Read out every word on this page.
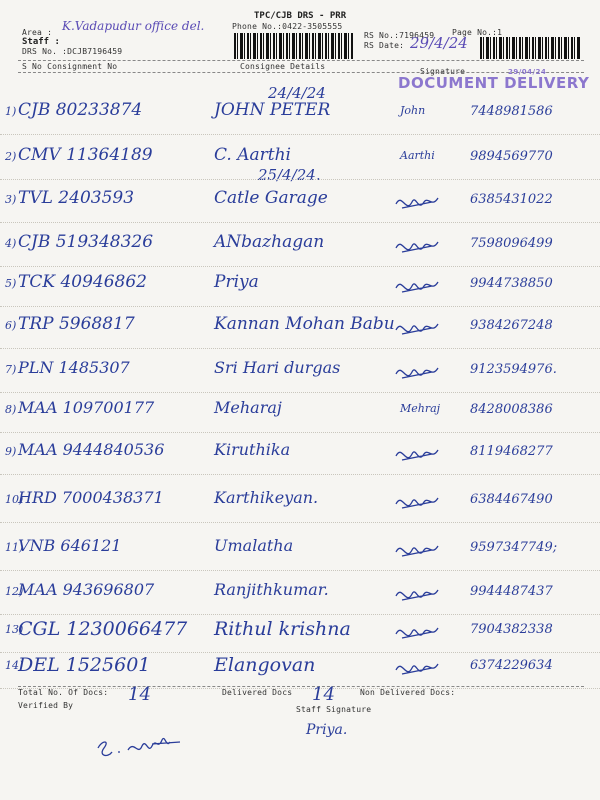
Area : K.Vadapudur office del.
Staff :
DRS No. :DCJB7196459
TPC/CJB DRS - PRR
Phone No.:0422-3505555
RS No.:7196459
RS Date: 29/4/24
Page No.:1
S No Consignment No	Consignee Details
Signature
DOCUMENT DELIVERY
29/04/24
24/4/24
25/4/24.
1) CJB 80233874	JOHN PETER	John	7448981586
2) CMV 11364189	C. Aarthi	Aarthi	9894569770
3) TVL 2403593	Catle Garage	6385431022
4) CJB 519348326	ANbazhagan	7598096499
5) TCK 40946862	Priya	9944738850
6) TRP 5968817	Kannan Mohan Babu	9384267248
7) PLN 1485307	Sri Hari durgas	9123594976.
8) MAA 109700177	Meharaj	Mehraj 8428008386
9) MAA 9444840536	Kiruthika	8119468277
10)
HRD 7000438371	Karthikeyan.	6384467490
11)
VNB 646121	Umalatha	9597347749;
12)
MAA 943696807	Ranjithkumar.	9944487437
13)
CGL 1230066477 Rithul krishna	7904382338
14)
DEL 1525601	Elangovan	6374229634
Total No. Of Docs: 14	Delivered Docs 14	Non Delivered Docs:
Verified By	Staff Signature
Priya.
